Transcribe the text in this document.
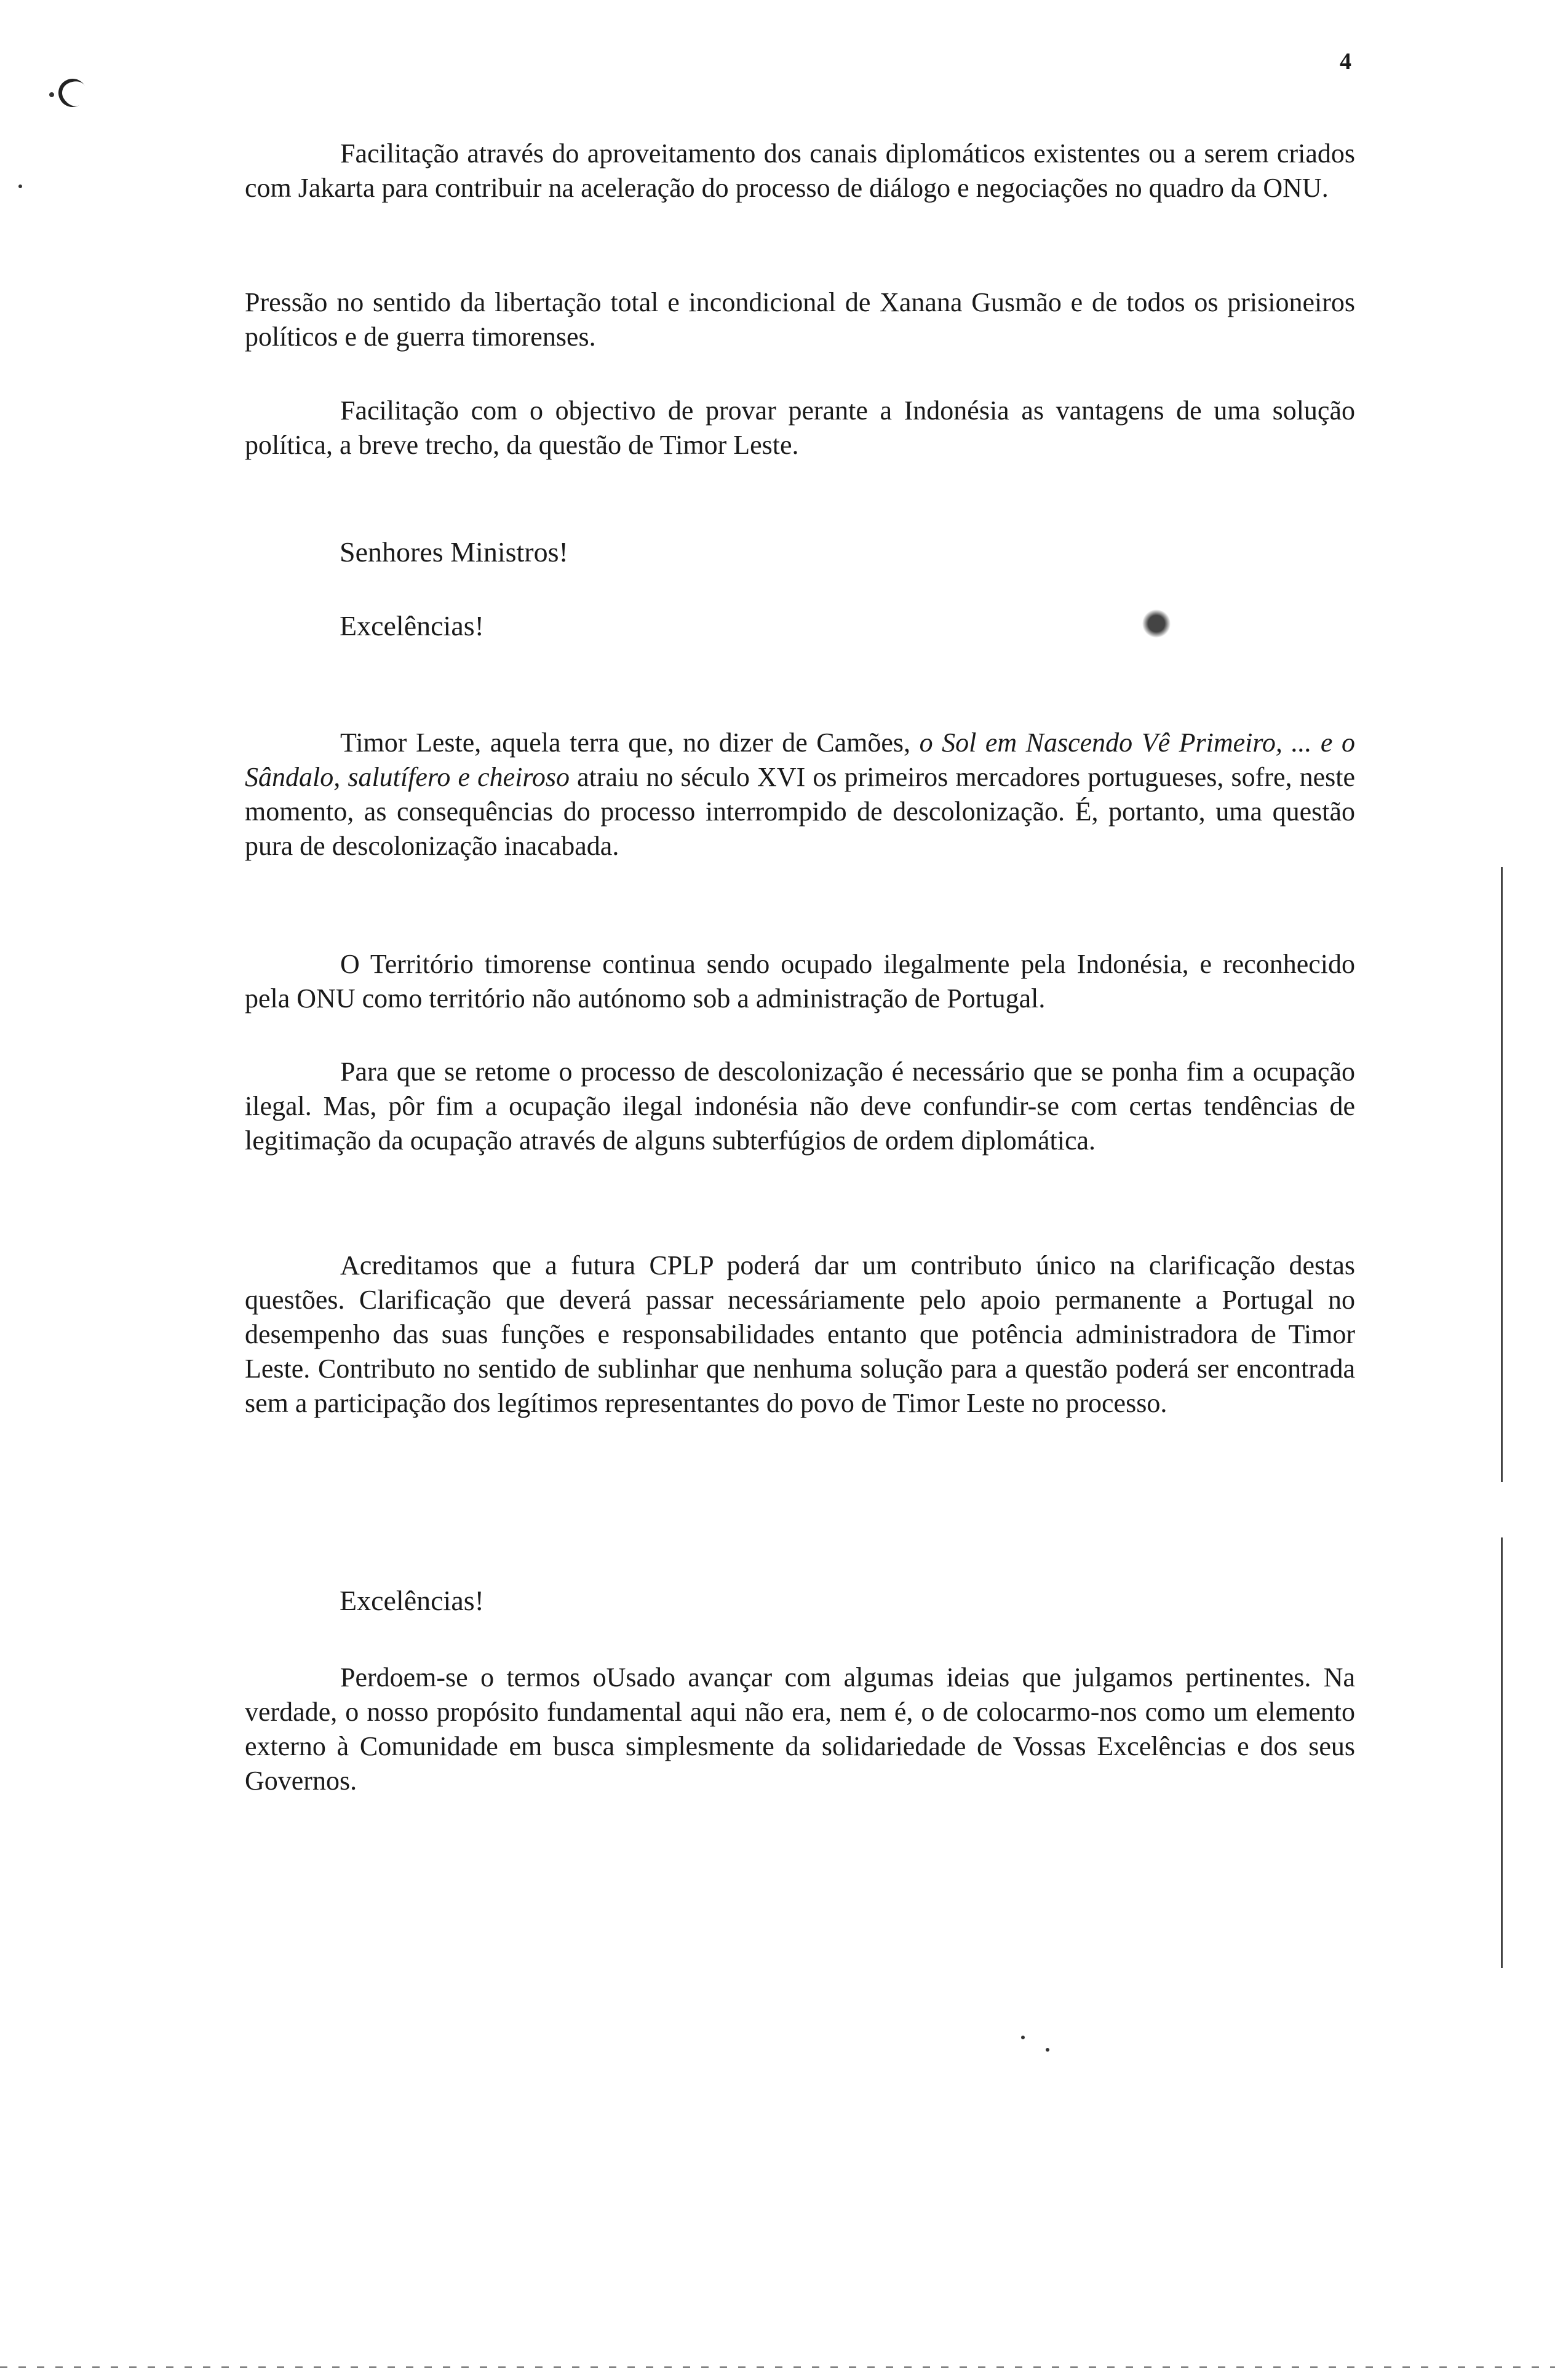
4
Facilitação através do aproveitamento dos canais diplomáticos existentes ou a serem criados com Jakarta para contribuir na aceleração do processo de diálogo e negociações no quadro da ONU.
Pressão no sentido da libertação total e incondicional de Xanana Gusmão e de todos os prisioneiros políticos e de guerra timorenses.
Facilitação com o objectivo de provar perante a Indonésia as vantagens de uma solução política, a breve trecho, da questão de Timor Leste.
Senhores Ministros!
Excelências!
Timor Leste, aquela terra que, no dizer de Camões, o Sol em Nascendo Vê Primeiro, ... e o Sândalo, salutífero e cheiroso atraiu no século XVI os primeiros mercadores portugueses, sofre, neste momento, as consequências do processo interrompido de descolonização. É, portanto, uma questão pura de descolonização inacabada.
O Território timorense continua sendo ocupado ilegalmente pela Indonésia, e reconhecido pela ONU como território não autónomo sob a administração de Portugal.
Para que se retome o processo de descolonização é necessário que se ponha fim a ocupação ilegal. Mas, pôr fim a ocupação ilegal indonésia não deve confundir-se com certas tendências de legitimação da ocupação através de alguns subterfúgios de ordem diplomática.
Acreditamos que a futura CPLP poderá dar um contributo único na clarificação destas questões. Clarificação que deverá passar necessáriamente pelo apoio permanente a Portugal no desempenho das suas funções e responsabilidades entanto que potência administradora de Timor Leste. Contributo no sentido de sublinhar que nenhuma solução para a questão poderá ser encontrada sem a participação dos legítimos representantes do povo de Timor Leste no processo.
Excelências!
Perdoem-se o termos oUsado avançar com algumas ideias que julgamos pertinentes. Na verdade, o nosso propósito fundamental aqui não era, nem é, o de colocarmo-nos como um elemento externo à Comunidade em busca simplesmente da solidariedade de Vossas Excelências e dos seus Governos.
